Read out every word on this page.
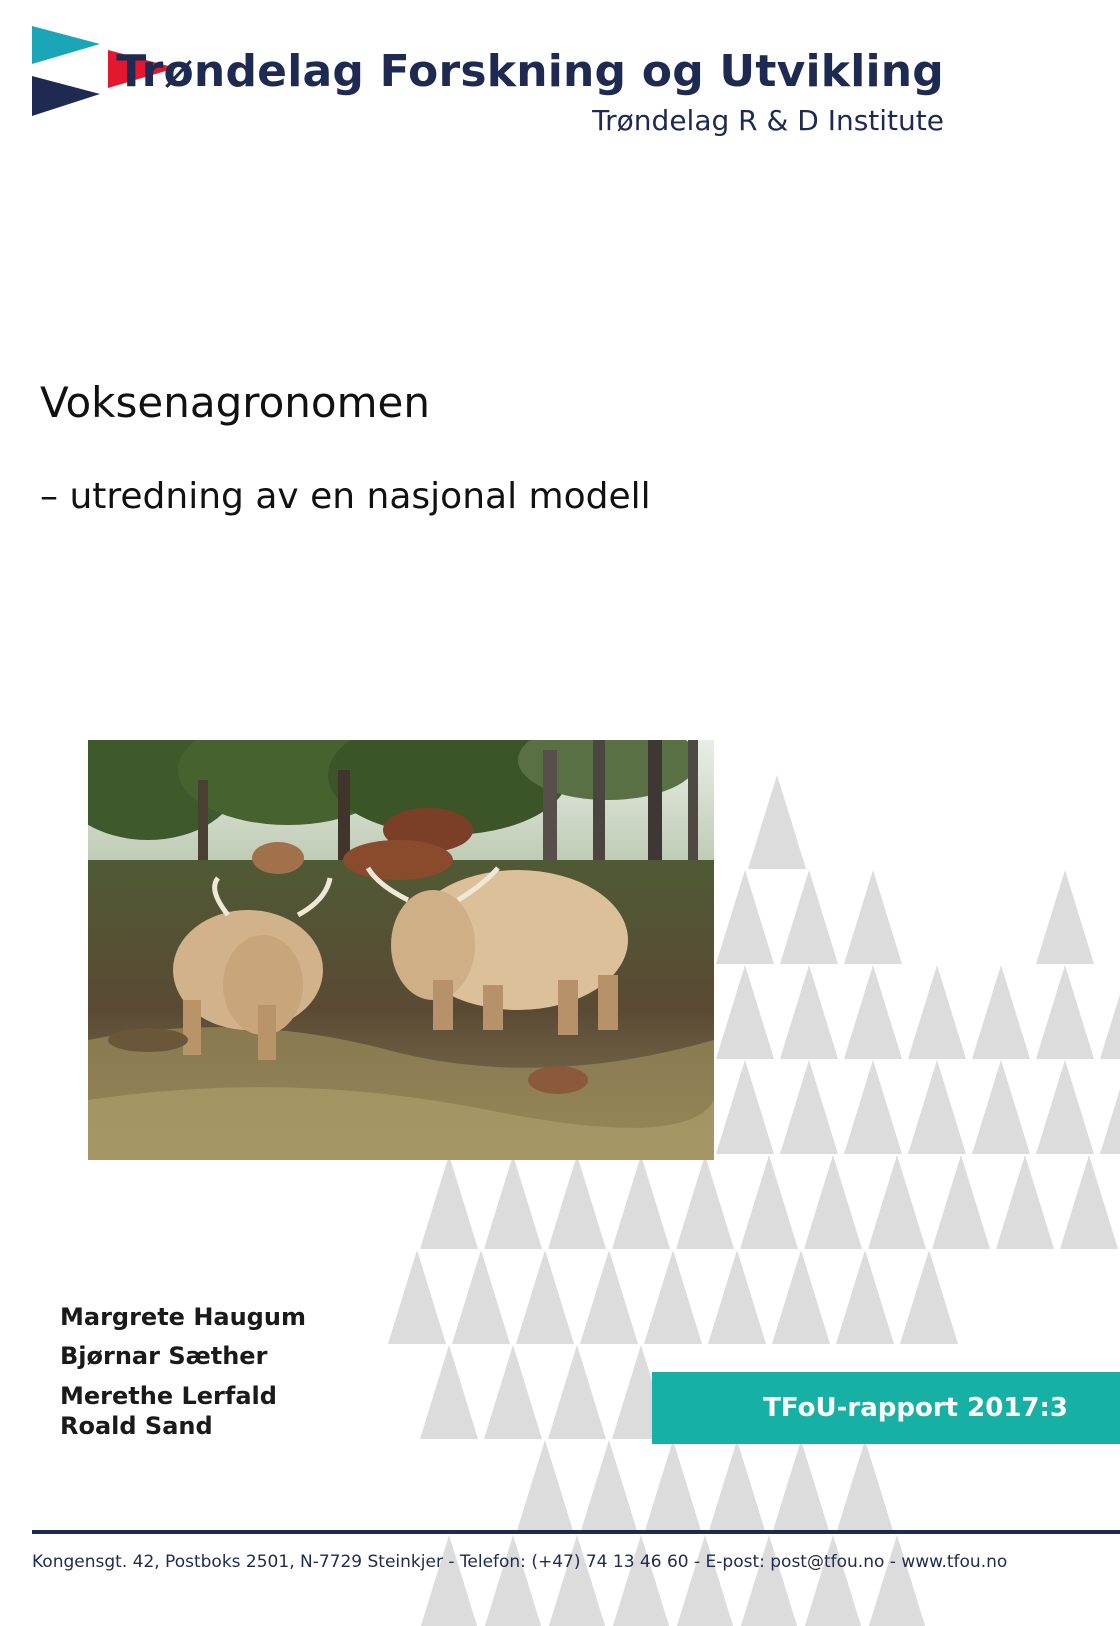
Trøndelag Forskning og Utvikling
Trøndelag R & D Institute
Voksenagronomen
– utredning av en nasjonal modell
Margrete Haugum
Bjørnar Sæther
Merethe Lerfald
Roald Sand
TFoU-rapport 2017:3
Kongensgt. 42, Postboks 2501, N-7729 Steinkjer - Telefon: (+47) 74 13 46 60 - E-post: post@tfou.no - www.tfou.no
